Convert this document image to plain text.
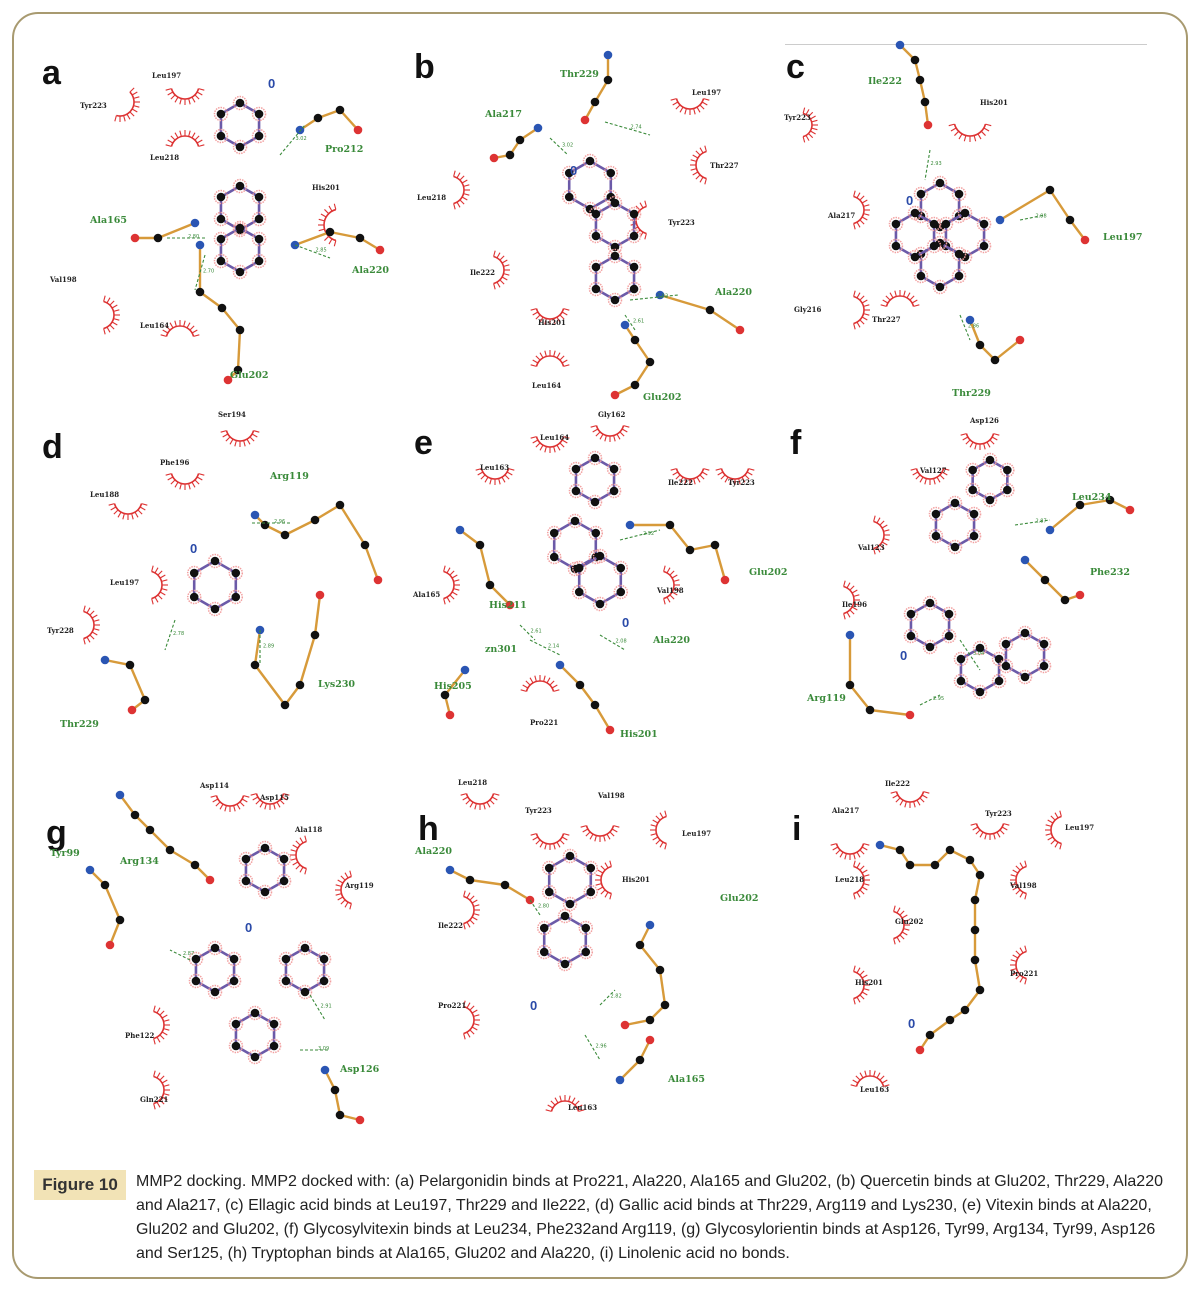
a	b	c
d	e	f
g	h	i
2.80
2.70
2.85
3.02
Leu197
Tyr223
Leu218
His201
Val198
Leu164
Pro212
Ala165
Ala220
Glu202
0
3.02
2.74
2.82
2.61
Leu197
Thr227
Leu218
Tyr223
Ile222
His201
Leu164
Thr229
Ala217
Ala220
Glu202
0	2.93
2.98
2.86
His201
Tyr223
Ala217
Gly216
Thr227
Ile222
Leu197
Thr229
0
2.96
2.78
2.89
Ser194
Phe196
Leu188
Leu197
Tyr228
Arg119
Lys230
Thr229
0
2.61
2.92
2.08
2.14
Gly162
Leu164
Leu163
Ile222	Tyr223
Ala165	Val198
Pro221
His211
Glu202
zn301
Ala220
His205
His201
0
2.87
3.04
2.95
Asp126
Val127
Val123
Ile196
Leu234
Phe232
Arg119
0
2.87
3.09
2.91
Asp114
Asp115
Ala118
Arg119
Phe122
Gln221
Arg134
Tyr99
Asp126
0
2.80
2.82
2.96
Leu218
Tyr223
Val198
Leu197
His201
Ile222
Pro221
Leu163
Ala220
Glu202
Ala165
0
Ile222
Ala217	Tyr223
Leu197
Leu218
Val198
Glu202
Pro221
His201
Leu163
0
Figure 10	MMP2 docking. MMP2 docked with: (a) Pelargonidin binds at Pro221, Ala220, Ala165 and Glu202, (b) Quercetin binds at Glu202, Thr229, Ala220 and Ala217, (c) Ellagic acid binds at Leu197, Thr229 and Ile222, (d) Gallic acid binds at Thr229, Arg119 and Lys230, (e) Vitexin binds at Ala220, Glu202 and Glu202, (f) Glycosylvitexin binds at Leu234, Phe232and Arg119, (g) Glycosylorientin binds at Asp126, Tyr99, Arg134, Tyr99, Asp126 and Ser125, (h) Tryptophan binds at Ala165, Glu202 and Ala220, (i) Linolenic acid no bonds.
